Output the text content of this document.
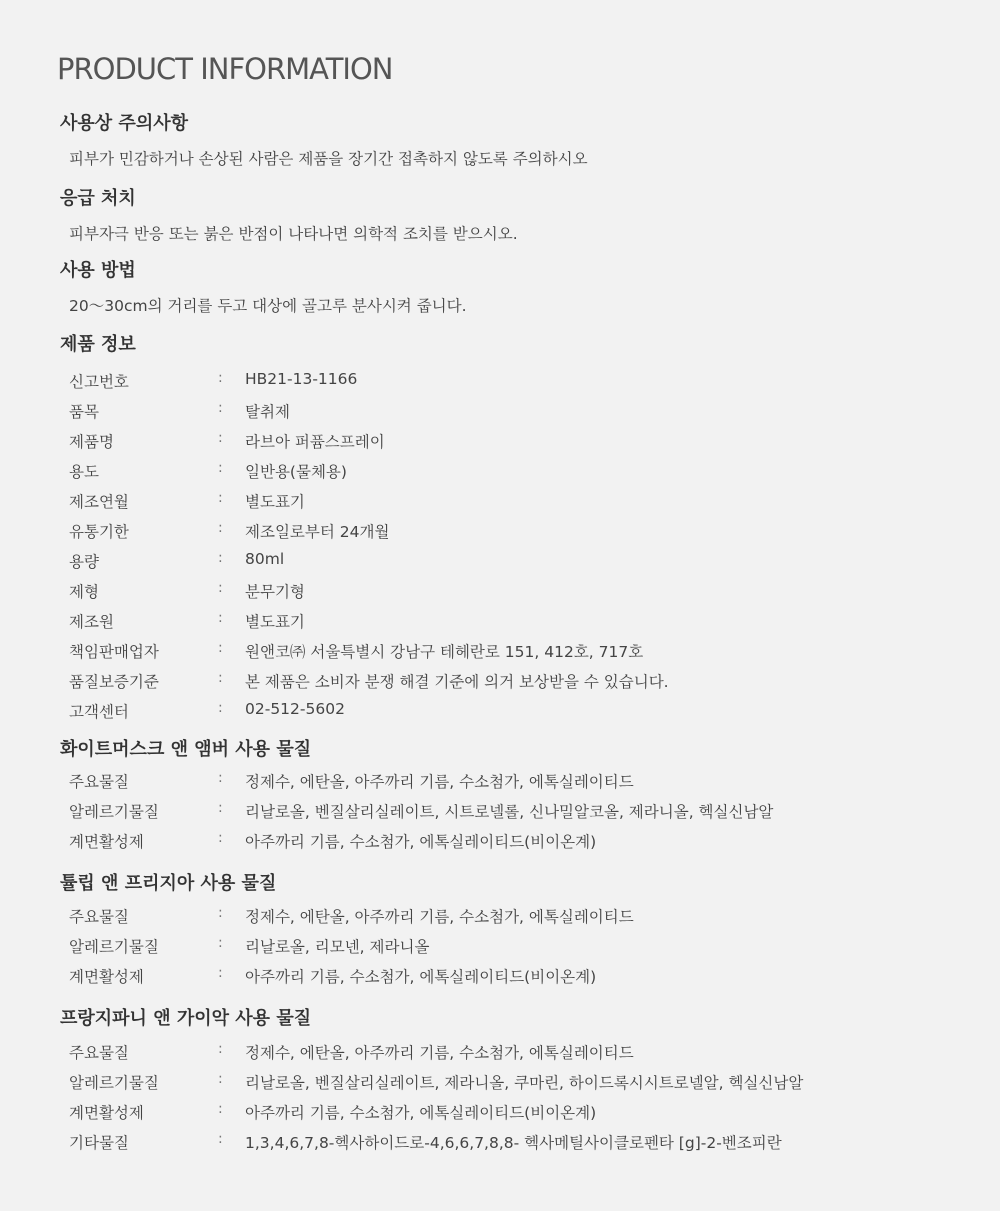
PRODUCT INFORMATION
사용상 주의사항
피부가 민감하거나 손상된 사람은 제품을 장기간 접촉하지 않도록 주의하시오
응급 처치
피부자극 반응 또는 붉은 반점이 나타나면 의학적 조치를 받으시오.
사용 방법
20～30cm의 거리를 두고 대상에 골고루 분사시켜 줍니다.
제품 정보
신고번호	: HB21-13-1166
품목	: 탈취제
제품명	: 라브아 퍼퓸스프레이
용도	: 일반용(물체용)
제조연월	: 별도표기
유통기한	: 제조일로부터 24개월
용량	: 80ml
제형	: 분무기형
제조원	: 별도표기
책임판매업자	: 원앤코㈜ 서울특별시 강남구 테헤란로 151, 412호, 717호
품질보증기준	: 본 제품은 소비자 분쟁 해결 기준에 의거 보상받을 수 있습니다.
고객센터	: 02-512-5602
화이트머스크 앤 앰버 사용 물질
주요물질	: 정제수, 에탄올, 아주까리 기름, 수소첨가, 에톡실레이티드
알레르기물질	: 리날로올, 벤질살리실레이트, 시트로넬롤, 신나밀알코올, 제라니올, 헥실신남알
계면활성제	: 아주까리 기름, 수소첨가, 에톡실레이티드(비이온계)
튤립 앤 프리지아 사용 물질
주요물질	: 정제수, 에탄올, 아주까리 기름, 수소첨가, 에톡실레이티드
알레르기물질	: 리날로올, 리모넨, 제라니올
계면활성제	: 아주까리 기름, 수소첨가, 에톡실레이티드(비이온계)
프랑지파니 앤 가이악 사용 물질
주요물질	: 정제수, 에탄올, 아주까리 기름, 수소첨가, 에톡실레이티드
알레르기물질	: 리날로올, 벤질살리실레이트, 제라니올, 쿠마린, 하이드록시시트로넬알, 헥실신남알
계면활성제	: 아주까리 기름, 수소첨가, 에톡실레이티드(비이온계)
기타물질	: 1,3,4,6,7,8-헥사하이드로-4,6,6,7,8,8- 헥사메틸사이클로펜타 [g]-2-벤조피란
